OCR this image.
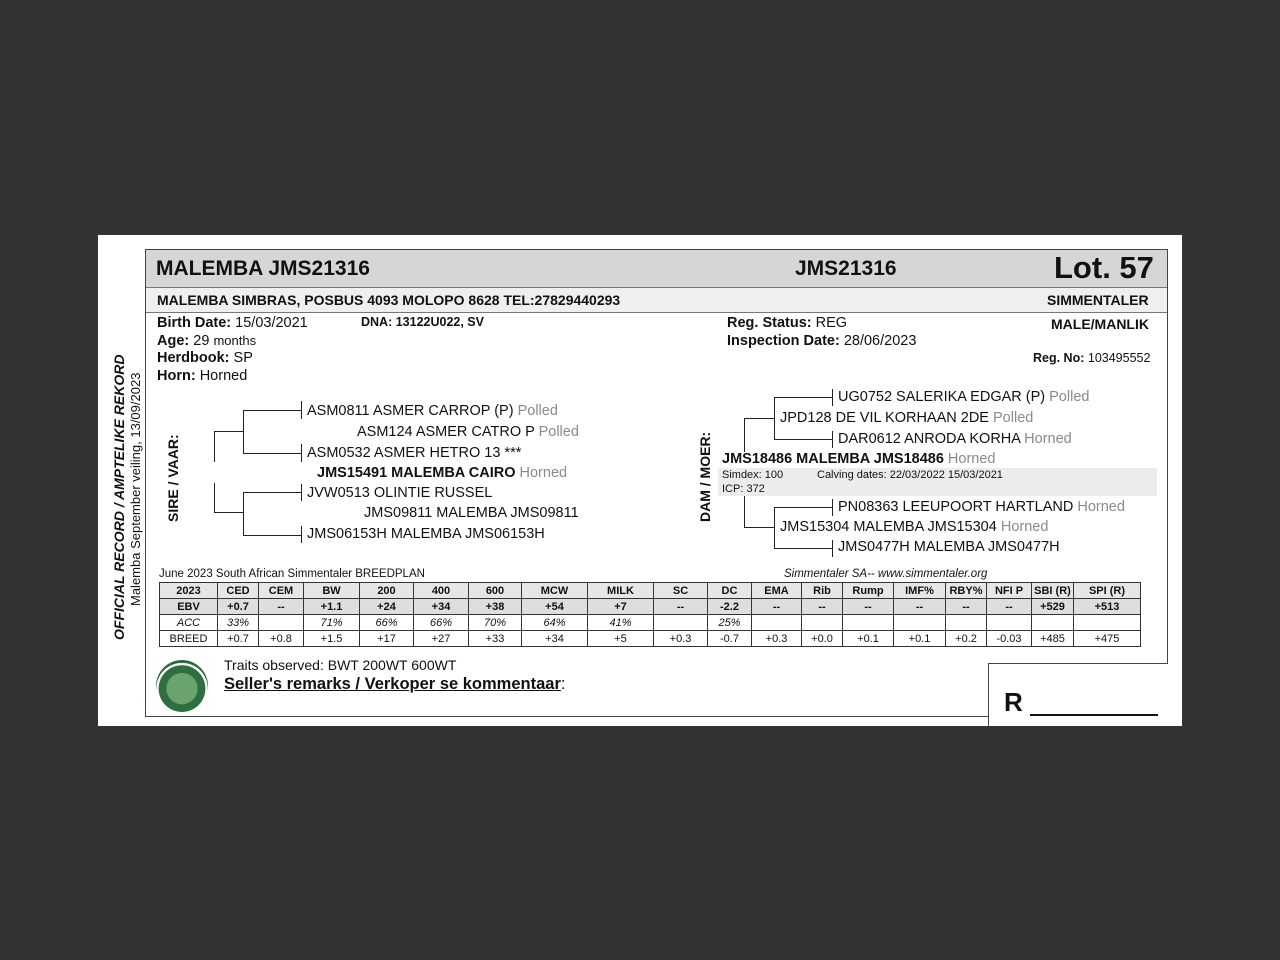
MALEMBA JMS21316	JMS21316	Lot. 57
MALEMBA SIMBRAS, POSBUS 4093 MOLOPO 8628 TEL:27829440293	SIMMENTALER
OFFICIAL RECORD / AMPTELIKE REKORD Malemba September veiling, 13/09/2023
Birth Date: 15/03/2021	DNA: 13122U022, SV
Age: 29 months
Herdbook: SP
Horn: Horned
Reg. Status: REG
Inspection Date: 28/06/2023
MALE/MANLIK
Reg. No: 103495552
SIRE / VAAR:
ASM0811 ASMER CARROP (P) Polled
ASM124 ASMER CATRO P Polled
ASM0532 ASMER HETRO 13 ***
JMS15491 MALEMBA CAIRO Horned
JVW0513 OLINTIE RUSSEL
JMS09811 MALEMBA JMS09811
JMS06153H MALEMBA JMS06153H
DAM / MOER:
UG0752 SALERIKA EDGAR (P) Polled
JPD128 DE VIL KORHAAN 2DE Polled
DAR0612 ANRODA KORHA Horned
JMS18486 MALEMBA JMS18486 Horned
Simdex: 100	Calving dates: 22/03/2022 15/03/2021
ICP: 372
PN08363 LEEUPOORT HARTLAND Horned
JMS15304 MALEMBA JMS15304 Horned
JMS0477H MALEMBA JMS0477H
June 2023 South African Simmentaler BREEDPLAN	Simmentaler SA-- www.simmentaler.org
2023	CED	CEM	BW	200	400	600	MCW	MILK	SC	DC	EMA	Rib	Rump	IMF%	RBY%	NFI P	SBI (R)	SPI (R)
EBV	+0.7	--	+1.1	+24	+34	+38	+54	+7	--	-2.2	--	--	--	--	--	--	+529	+513
ACC	33%		71%	66%	66%	70%	64%	41%		25%								
BREED	+0.7	+0.8	+1.5	+17	+27	+33	+34	+5	+0.3	-0.7	+0.3	+0.0	+0.1	+0.1	+0.2	-0.03	+485	+475
Traits observed: BWT 200WT 600WT
Seller's remarks / Verkoper se kommentaar:
R
